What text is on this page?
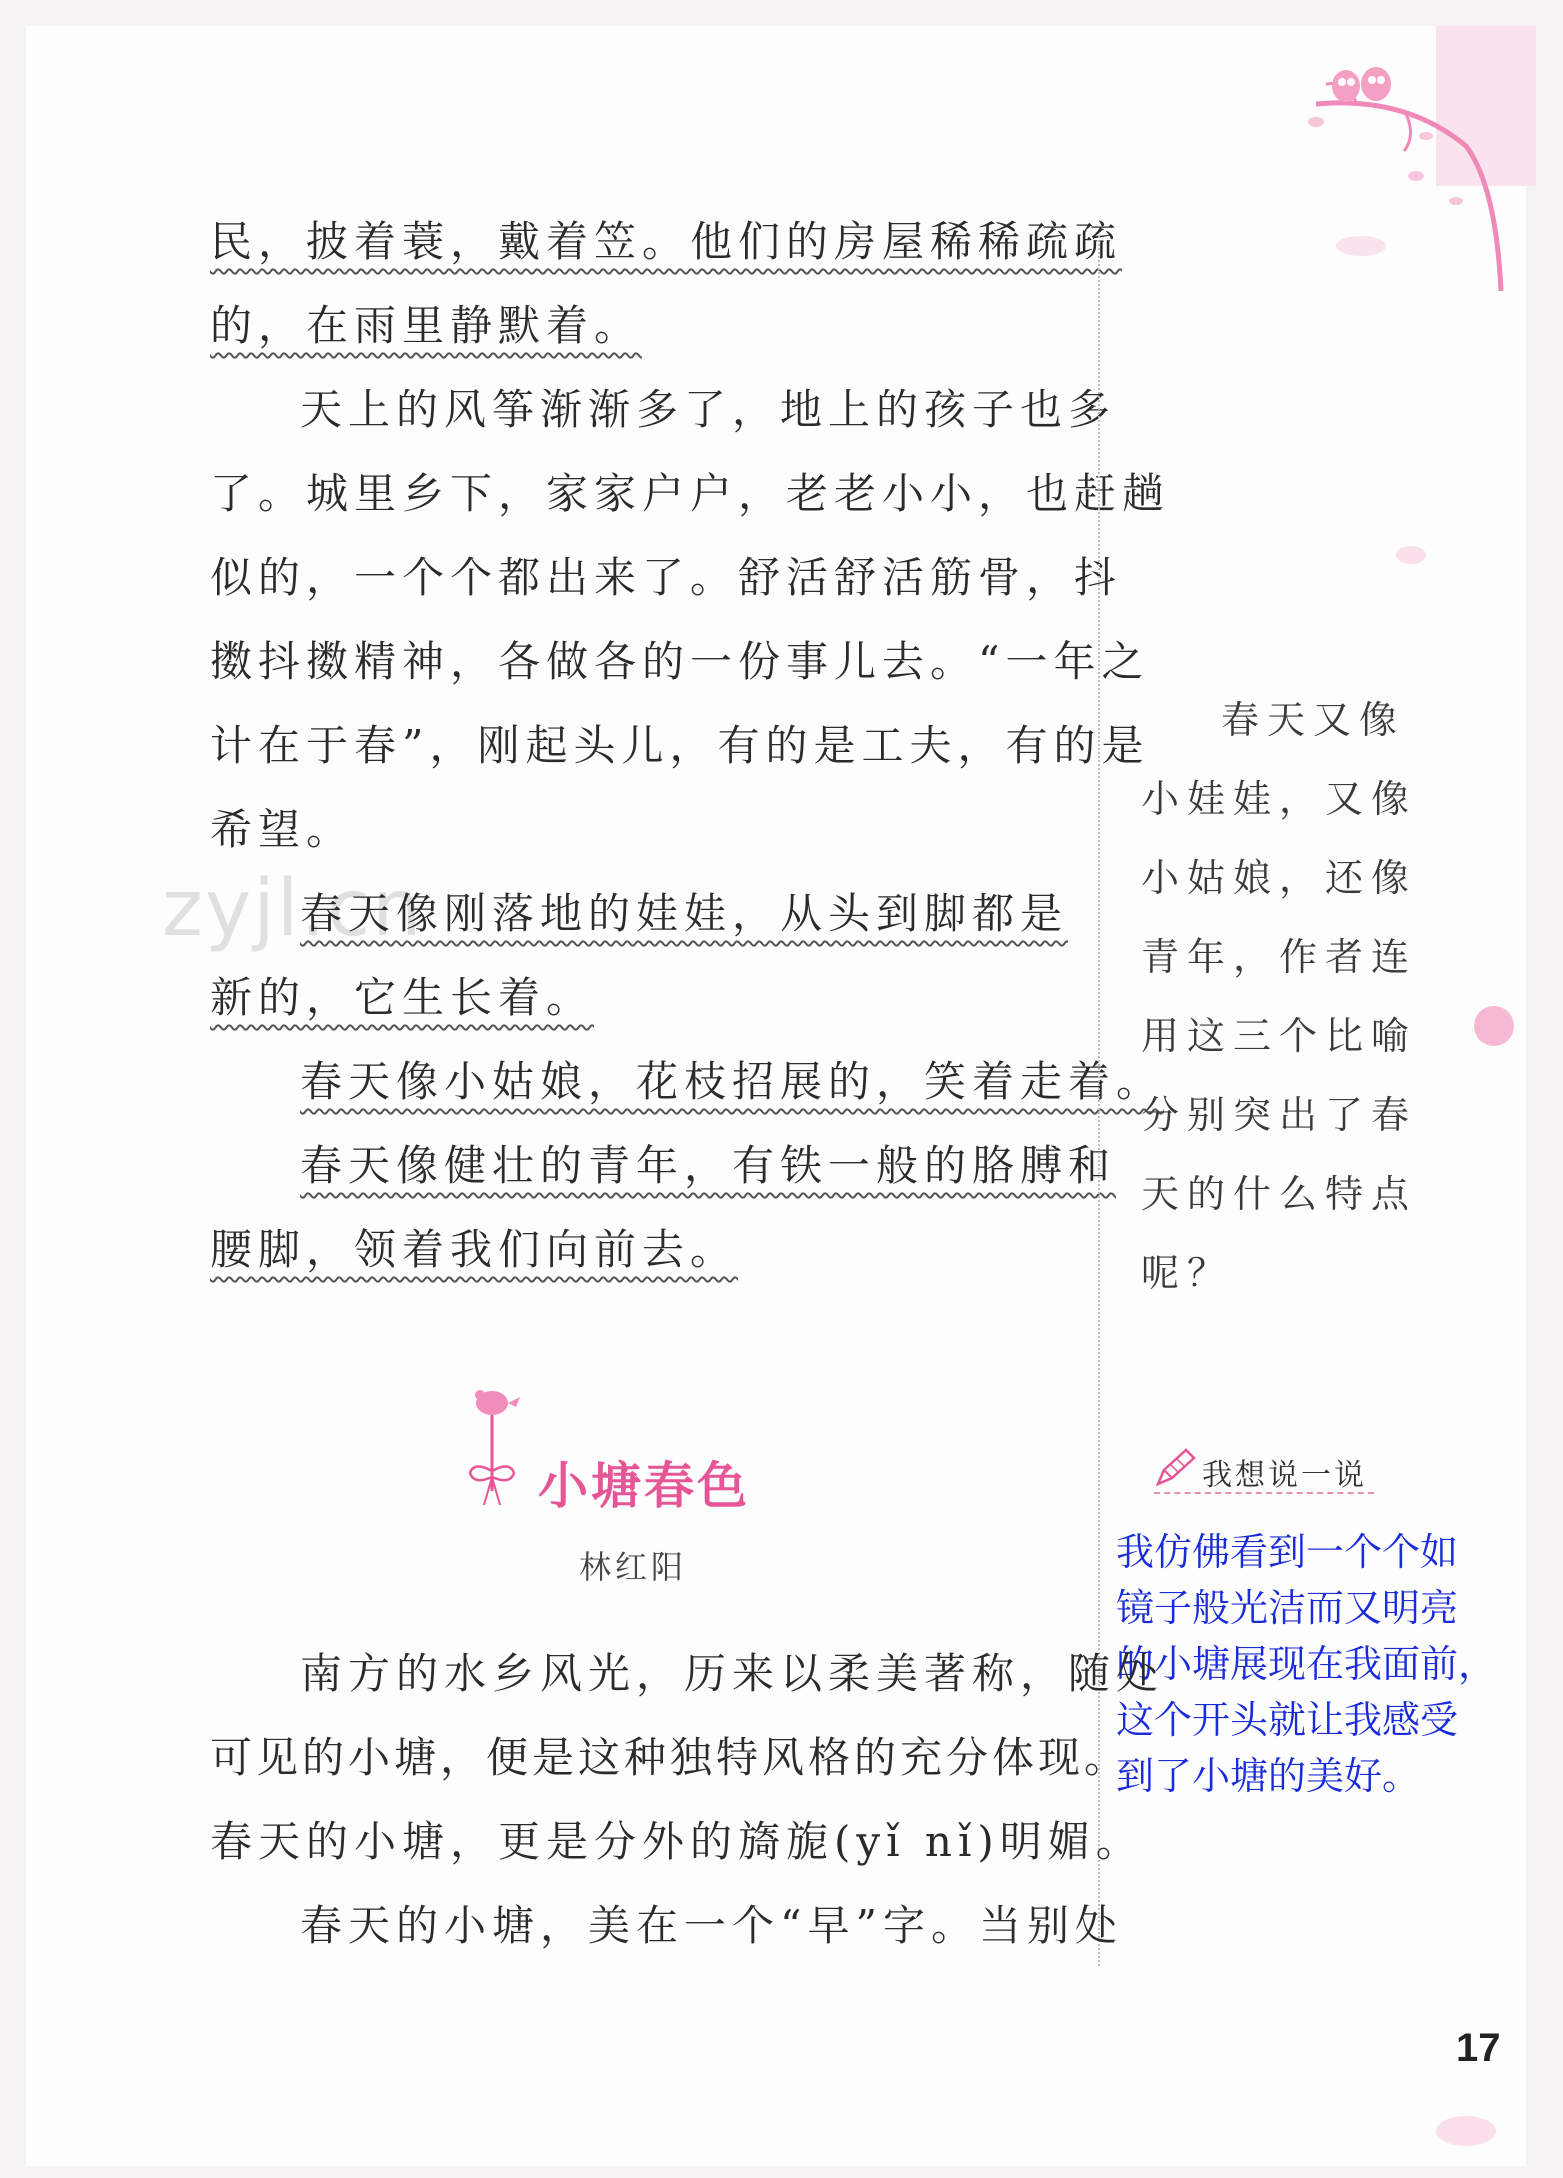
zyjl.cn
民，披着蓑，戴着笠。他们的房屋稀稀疏疏
的，在雨里静默着。
天上的风筝渐渐多了，地上的孩子也多
了。城里乡下，家家户户，老老小小，也赶趟
似的，一个个都出来了。舒活舒活筋骨，抖
擞抖擞精神，各做各的一份事儿去。“一年之
计在于春”，刚起头儿，有的是工夫，有的是
希望。
春天像刚落地的娃娃，从头到脚都是
新的，它生长着。
春天像小姑娘，花枝招展的，笑着走着。
春天像健壮的青年，有铁一般的胳膊和
腰脚，领着我们向前去。
春天又像
小娃娃，又像
小姑娘，还像
青年，作者连
用这三个比喻
分别突出了春
天的什么特点
呢？
我想说一说
我仿佛看到一个个如
镜子般光洁而又明亮
的小塘展现在我面前，
这个开头就让我感受
到了小塘的美好。
小塘春色
林红阳
南方的水乡风光，历来以柔美著称，随处
可见的小塘，便是这种独特风格的充分体现。
春天的小塘，更是分外的旖旎(yǐ nǐ)明媚。
春天的小塘，美在一个“早”字。当别处
17
